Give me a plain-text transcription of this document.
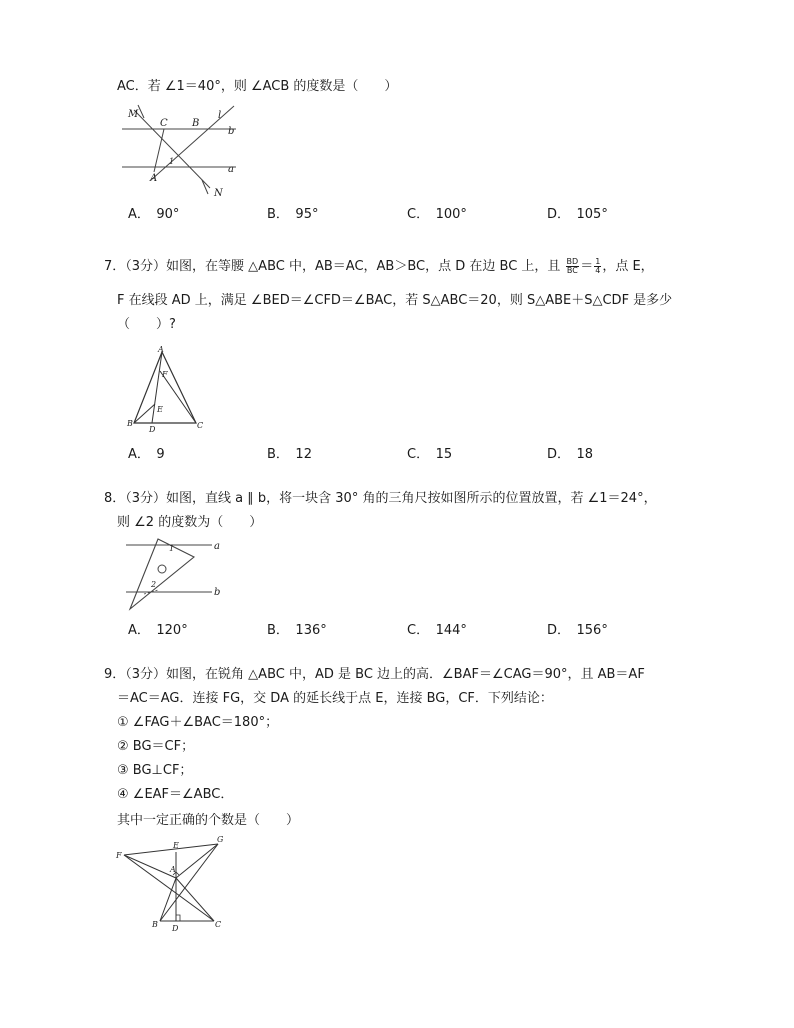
AC．若 ∠1＝40°，则 ∠ACB 的度数是（　　）
M
C B
l
b
1
a
A
N
A．　90°	B．　95°	C．　100°	D．　105°
7．（3分）如图，在等腰 △ABC 中，AB＝AC，AB＞BC，点 D 在边 BC 上，且 $\frac{BD}{BC} = \frac{1}{4}$ ，点 E，
F 在线段 AD 上，满足 ∠BED＝∠CFD＝∠BAC，若 S△ABC＝20，则 S△ABE＋S△CDF 是多少
（　　）?
A
F
E
B
D	C
A．　9	B．　12	C．　15	D．　18
8．（3分）如图，直线 a ∥ b，将一块含 30° 角的三角尺按如图所示的位置放置，若 ∠1＝24°，
则 ∠2 的度数为（　　）
a
b
1
2
A．　120°	B．　136°	C．　144°	D．　156°
9．（3分）如图，在锐角 △ABC 中，AD 是 BC 边上的高．∠BAF＝∠CAG＝90°，且 AB＝AF
＝AC＝AG．连接 FG，交 DA 的延长线于点 E，连接 BG，CF．下列结论：
① ∠FAG＋∠BAC＝180°；
② BG＝CF；
③ BG⊥CF；
④ ∠EAF＝∠ABC．
其中一定正确的个数是（　　）
E
G
F
A
B D	C
